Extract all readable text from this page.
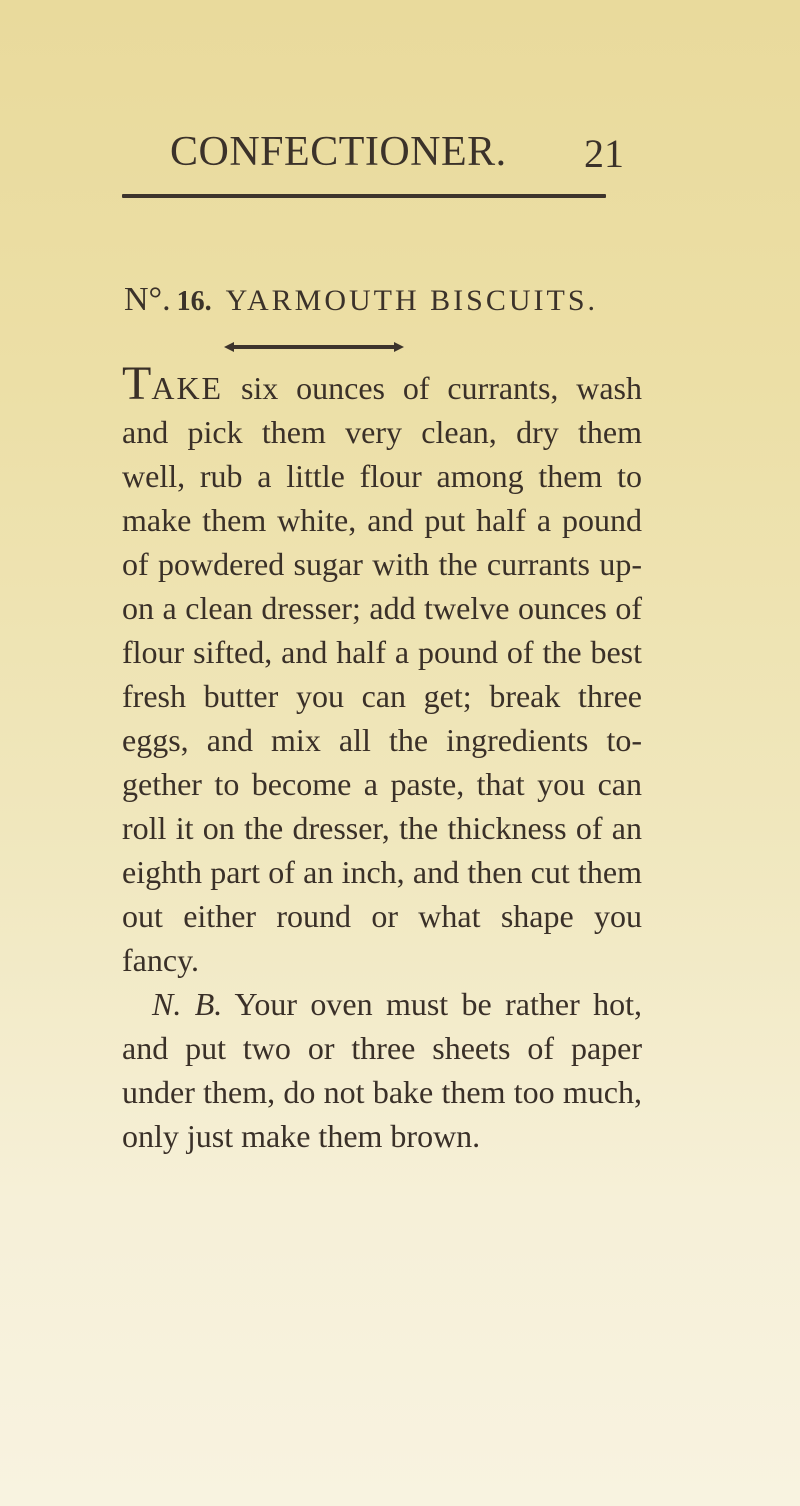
CONFECTIONER. 21
N°. 16. YARMOUTH BISCUITS.

TAKE six ounces of currants, wash and pick them very clean, dry them well, rub a little flour among them to make them white, and put half a pound of powdered sugar with the currants up-on a clean dresser; add twelve ounces of flour sifted, and half a pound of the best fresh butter you can get; break three eggs, and mix all the ingredients to-gether to become a paste, that you can roll it on the dresser, the thickness of an eighth part of an inch, and then cut them out either round or what shape you fancy.

N. B. Your oven must be rather hot, and put two or three sheets of paper under them, do not bake them too much, only just make them brown.
